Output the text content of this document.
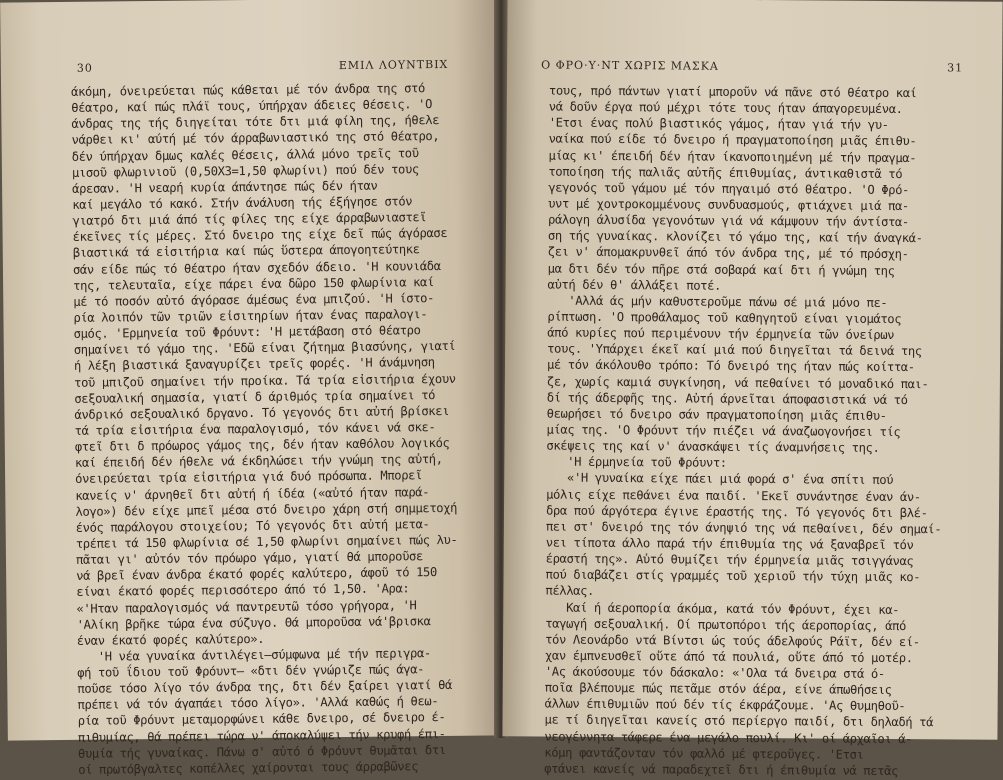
30	ΕΜΙΛ ΛΟΥΝΤΒΙΧ
άκόμη, όνειρεύεται πώς κάθεται μέ τόν άνδρα της στό
θέατρο, καί πώς πλάϊ τους, ύπήρχαν άδειες θέσεις. 'Ο
άνδρας της τής διηγείται τότε δτι μιά φίλη της, ήθελε
νάρθει κι' αύτή μέ τόν άρραβωνιαστικό της στό θέατρο,
δέν ύπήρχαν δμως καλές θέσεις, άλλά μόνο τρεῖς τοῦ
μισοῦ φλωρινιοῦ (0,50Χ3=1,50 φλωρίνι) πού δέν τους
άρεσαν. 'Η νεαρή κυρία άπάντησε πώς δέν ήταν
καί μεγάλο τό κακό. Στήν άνάλυση τής έξήγησε στόν
γιατρό δτι μιά άπό τίς φίλες της είχε άρραβωνιαστεῖ
έκεῖνες τίς μέρες. Στό δνειρο της είχε δεῖ πώς άγόρασε
βιαστικά τά εἰσιτήρια καί πώς ὕστερα άπογοητεύτηκε
σάν είδε πώς τό θέατρο ήταν σχεδόν άδειο. 'Η κουνιάδα
της, τελευταῖα, είχε πάρει ένα δῶρο 150 φλωρίνια καί
μέ τό ποσόν αὐτό άγόρασε άμέσως ένα μπιζού. 'Η ίστο-
ρία λοιπόν τῶν τριῶν εἰσιτηρίων ήταν ένας παραλογι-
σμός. 'Ερμηνεία τοῦ Φρόυντ: 'Η μετάβαση στό θέατρο
σημαίνει τό γάμο της. 'Εδῶ είναι ζήτημα βιασύνης, γιατί
ή λέξη βιαστικά ξαναγυρίζει τρεῖς φορές. 'Η άνάμνηση
τοῦ μπιζοῦ σημαίνει τήν προίκα. Τά τρία εἰσιτήρια έχουν
σεξουαλική σημασία, γιατί δ άριθμός τρία σημαίνει τό
άνδρικό σεξουαλικό δργανο. Τό γεγονός δτι αὐτή βρίσκει
τά τρία εἰσιτήρια ένα παραλογισμό, τόν κάνει νά σκε-
φτεῖ δτι δ πρόωρος γάμος της, δέν ήταν καθόλου λογικός
καί έπειδή δέν ήθελε νά έκδηλώσει τήν γνώμη της αὐτή,
όνειρεύεται τρία εἰσιτήρια γιά δυό πρόσωπα. Μπορεῖ
κανείς ν' άρνηθεῖ δτι αὐτή ή ίδέα («αὐτό ήταν παρά-
λογο») δέν είχε μπεῖ μέσα στό δνειρο χάρη στή σημμετοχή
ένός παράλογου στοιχείου; Τό γεγονός δτι αὐτή μετα-
τρέπει τά 150 φλωρίνια σέ 1,50 φλωρίνι σημαίνει πώς λυ-
πᾶται γι' αὐτόν τόν πρόωρο γάμο, γιατί θά μποροῦσε
νά βρεῖ έναν άνδρα έκατό φορές καλύτερο, άφοῦ τό 150
είναι έκατό φορές περισσότερο άπό τό 1,50. 'Αρα:
«'Ηταν παραλογισμός νά παντρευτῶ τόσο γρήγορα, 'Η
'Αλίκη βρῆκε τώρα ένα σύζυγο. Θά μποροῦσα νά'βρισκα
έναν έκατό φορές καλύτερο».
'Η νέα γυναίκα άντιλέγει—σύμφωνα μέ τήν περιγρα-
φή τοῦ ΐδιου τοῦ Φρόυντ— «δτι δέν γνώριζε πώς άγα-
ποῦσε τόσο λίγο τόν άνδρα της, δτι δέν ξαίρει γιατί θά
πρέπει νά τόν άγαπάει τόσο λίγο». 'Αλλά καθώς ή θεω-
ρία τοῦ Φρόυντ μεταμορφώνει κάθε δνειρο, σέ δνειρο έ-
πιθυμίας, θά πρέπει τώρα ν' άποκαλύψει τήν κρυφή έπι-
θυμία τής γυναίκας. Πάνω σ' αὐτό ό Φρόυντ θυμᾶται δτι
οί πρωτόβγαλτες κοπέλλες χαίρονται τους άρραβῶνες
Ο ΦΡΟ·Υ·ΝΤ ΧΩΡΙΣ ΜΑΣΚΑ	31
τους, πρό πάντων γιατί μποροῦν νά πᾶνε στό θέατρο καί
νά δοῦν έργα πού μέχρι τότε τους ήταν άπαγορευμένα.
'Ετσι ένας πολύ βιαστικός γάμος, ήταν γιά τήν γυ-
ναίκα πού είδε τό δνειρο ή πραγματοποίηση μιᾶς έπιθυ-
μίας κι' έπειδή δέν ήταν ίκανοποιημένη μέ τήν πραγμα-
τοποίηση τής παλιᾶς αὐτῆς έπιθυμίας, άντικαθιστᾶ τό
γεγονός τοῦ γάμου μέ τόν πηγαιμό στό θέατρο. 'Ο Φρό-
υντ μέ χοντροκομμένους συνδυασμούς, φτιάχνει μιά πα-
ράλογη άλυσίδα γεγονότων γιά νά κάμψουν τήν άντίστα-
ση τής γυναίκας. κλονίζει τό γάμο της, καί τήν άναγκά-
ζει ν' άπομακρυνθεῖ άπό τόν άνδρα της, μέ τό πρόσχη-
μα δτι δέν τόν πῆρε στά σοβαρά καί δτι ή γνώμη της
αὐτή δέν θ' άλλάξει ποτέ.
'Αλλά άς μήν καθυστεροῦμε πάνω σέ μιά μόνο πε-
ρίπτωση. 'Ο προθάλαμος τοῦ καθηγητοῦ είναι γιομάτος
άπό κυρίες πού περιμένουν τήν έρμηνεία τῶν όνείρων
τους. 'Υπάρχει έκεῖ καί μιά πού διηγεῖται τά δεινά της
μέ τόν άκόλουθο τρόπο: Τό δνειρό της ήταν πώς κοίττα-
ζε, χωρίς καμιά συγκίνηση, νά πεθαίνει τό μοναδικό παι-
δί τής άδερφῆς της. Αὐτή άρνεῖται άποφασιστικά νά τό
θεωρήσει τό δνειρο σάν πραγματοποίηση μιᾶς έπιθυ-
μίας της. 'Ο Φρόυντ τήν πιέζει νά άναζωογονήσει τίς
σκέψεις της καί ν' άνασκάψει τίς άναμνήσεις της.
'Η έρμηνεία τοῦ Φρόυντ:
«'Η γυναίκα είχε πάει μιά φορά σ' ένα σπίτι πού
μόλις είχε πεθάνει ένα παιδί. 'Εκεῖ συνάντησε έναν άν-
δρα πού άργότερα έγινε έραστής της. Τό γεγονός δτι βλέ-
πει στ' δνειρό της τόν άνηψιό της νά πεθαίνει, δέν σημαί-
νει τίποτα άλλο παρά τήν έπιθυμία της νά ξαναβρεῖ τόν
έραστή της». Αὐτό θυμίζει τήν έρμηνεία μιᾶς τσιγγάνας
πού διαβάζει στίς γραμμές τοῦ χεριοῦ τήν τύχη μιᾶς κο-
πέλλας.
Καί ή άεροπορία άκόμα, κατά τόν Φρόυντ, έχει κα-
ταγωγή σεξουαλική. Οί πρωτοπόροι τής άεροπορίας, άπό
τόν Λεονάρδο ντά Βίντσι ώς τούς άδελφούς Ράϊτ, δέν εί-
χαν έμπνευσθεῖ οὔτε άπό τά πουλιά, οὔτε άπό τό μοτέρ.
'Ας άκούσουμε τόν δάσκαλο: «'Ολα τά δνειρα στά ό-
ποῖα βλέπουμε πώς πετᾶμε στόν άέρα, είνε άπωθήσεις
άλλων έπιθυμιῶν πού δέν τίς έκφράζουμε. 'Ας θυμηθοῦ-
με τί διηγεῖται κανείς στό περίεργο παιδί, δτι δηλαδή τά
νεογέννητα τάφερε ένα μεγάλο πουλί. Κι' οί άρχαῖοι ά-
κόμη φαντάζονταν τόν φαλλό μέ φτεροῦγες. 'Ετσι
φτάνει κανείς νά παραδεχτεῖ δτι ή έπιθυμία νά πετᾶς
